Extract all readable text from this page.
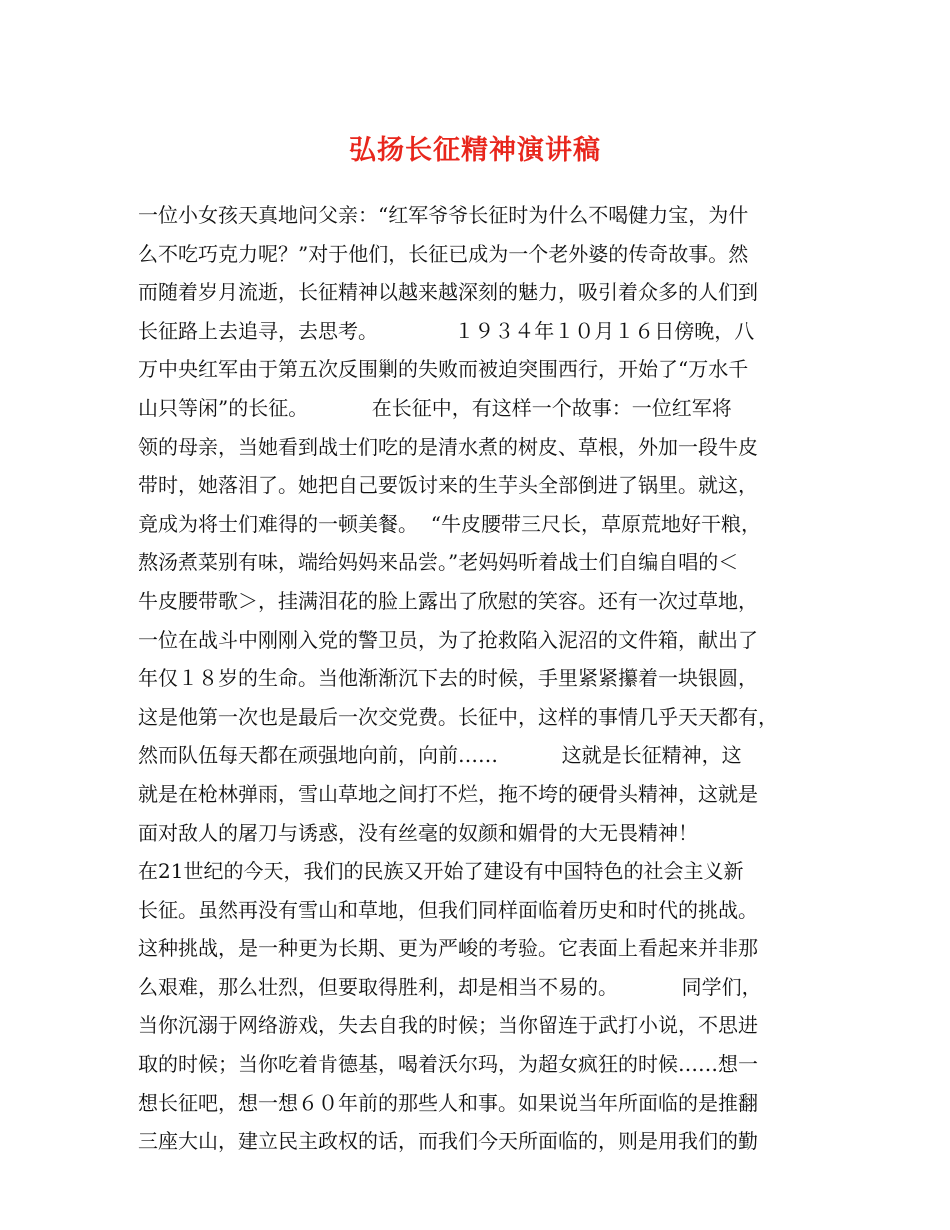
弘扬长征精神演讲稿
一位小女孩天真地问父亲：“红军爷爷长征时为什么不喝健力宝，为什
么不吃巧克力呢？”对于他们，长征已成为一个老外婆的传奇故事。然
而随着岁月流逝，长征精神以越来越深刻的魅力，吸引着众多的人们到
长征路上去追寻，去思考。            １９３４年１０月１６日傍晚，八
万中央红军由于第五次反围剿的失败而被迫突围西行，开始了“万水千
山只等闲”的长征。          在长征中，有这样一个故事：一位红军将
领的母亲，当她看到战士们吃的是清水煮的树皮、草根，外加一段牛皮
带时，她落泪了。她把自己要饭讨来的生芋头全部倒进了锅里。就这，
竟成为将士们难得的一顿美餐。  “牛皮腰带三尺长，草原荒地好干粮，
熬汤煮菜别有味，端给妈妈来品尝。”老妈妈听着战士们自编自唱的＜
牛皮腰带歌＞，挂满泪花的脸上露出了欣慰的笑容。还有一次过草地，
一位在战斗中刚刚入党的警卫员，为了抢救陷入泥沼的文件箱，献出了
年仅１８岁的生命。当他渐渐沉下去的时候，手里紧紧攥着一块银圆，
这是他第一次也是最后一次交党费。长征中，这样的事情几乎天天都有，
然而队伍每天都在顽强地向前，向前……          这就是长征精神，这
就是在枪林弹雨，雪山草地之间打不烂，拖不垮的硬骨头精神，这就是
面对敌人的屠刀与诱惑，没有丝毫的奴颜和媚骨的大无畏精神！
在21世纪的今天，我们的民族又开始了建设有中国特色的社会主义新
长征。虽然再没有雪山和草地，但我们同样面临着历史和时代的挑战。
这种挑战，是一种更为长期、更为严峻的考验。它表面上看起来并非那
么艰难，那么壮烈，但要取得胜利，却是相当不易的。          同学们，
当你沉溺于网络游戏，失去自我的时候；当你留连于武打小说，不思进
取的时候；当你吃着肯德基，喝着沃尔玛，为超女疯狂的时候……想一
想长征吧，想一想６０年前的那些人和事。如果说当年所面临的是推翻
三座大山，建立民主政权的话，而我们今天所面临的，则是用我们的勤
